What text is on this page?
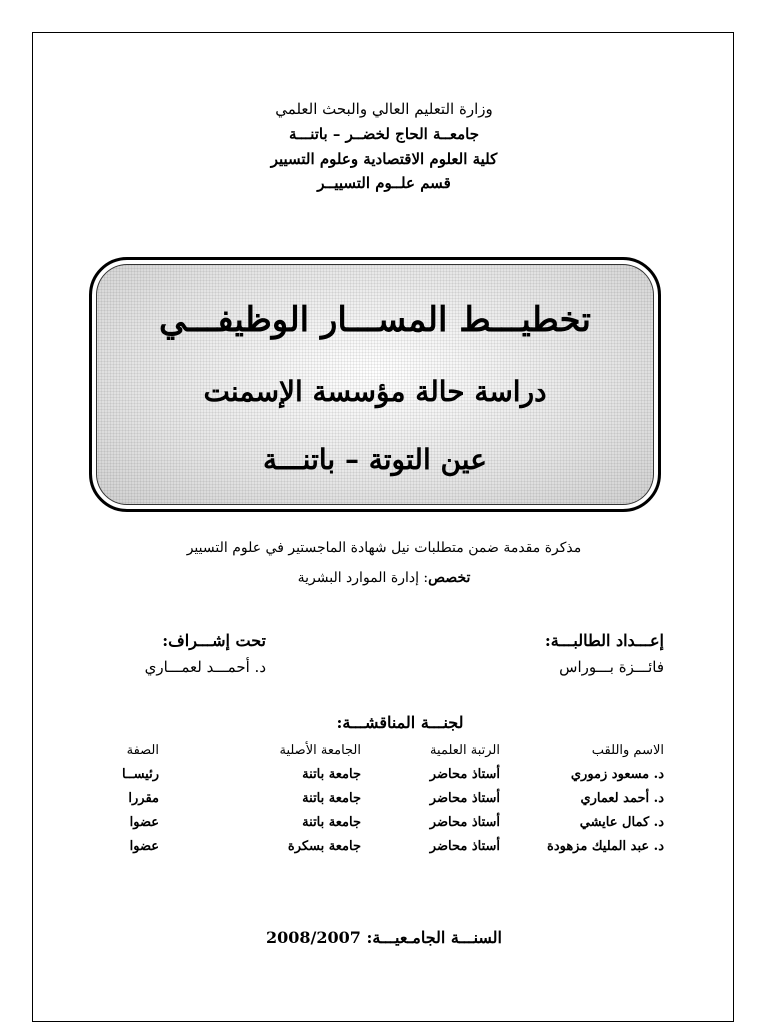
وزارة التعليم العالي والبحث العلمي
جامعــة الحاج لخضــر – باتنـــة
كلية العلوم الاقتصادية وعلوم التسيير
قسم علــوم التسييــر
تخطيـــط المســـار الوظيفـــي
دراسة حالة مؤسسة الإسمنت
عين التوتة – باتنـــة
مذكرة مقدمة ضمن متطلبات نيل شهادة الماجستير في علوم التسيير
تخصص: إدارة الموارد البشرية
إعـــداد الطالبـــة:
فائـــزة بـــوراس
تحت إشـــراف:
د. أحمـــد لعمـــاري
لجنـــة المناقشـــة:
الاسم واللقب
الرتبة العلمية
الجامعة الأصلية
الصفة
د. مسعود زموري
أستاذ محاضر
جامعة باتنة
رئيســا
د. أحمد لعماري
أستاذ محاضر
جامعة باتنة
مقررا
د. كمال عايشي
أستاذ محاضر
جامعة باتنة
عضوا
د. عبد المليك مزهودة
أستاذ محاضر
جامعة بسكرة
عضوا
السنـــة الجامـعيـــة: 2008/2007
